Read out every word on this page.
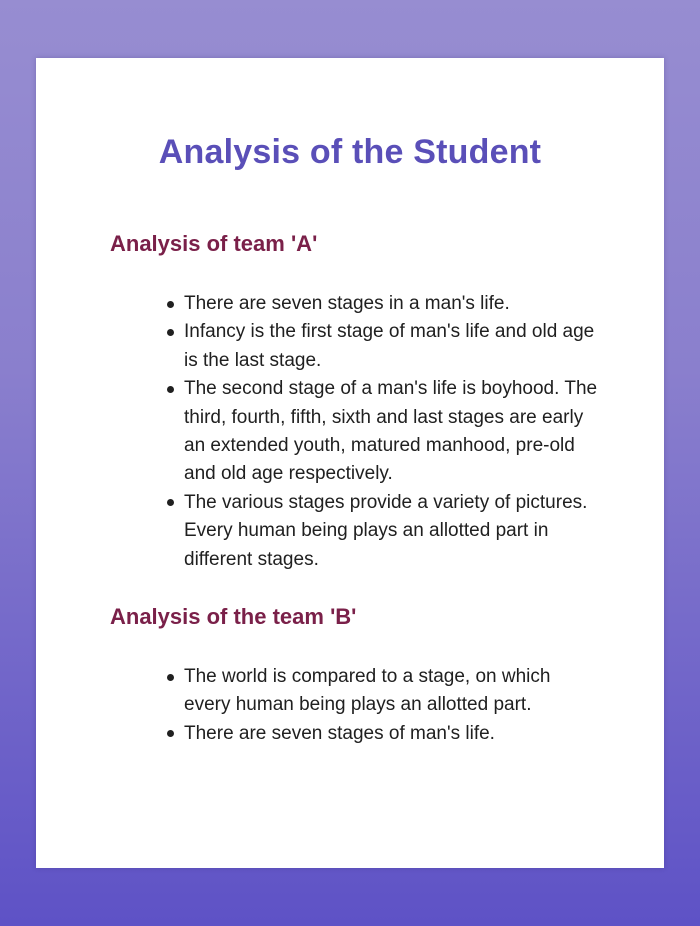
Analysis of the Student
Analysis of team 'A'
There are seven stages in a man's life.
Infancy is the first stage of man's life and old age is the last stage.
The second stage of a man's life is boyhood. The third, fourth, fifth, sixth and last stages are early an extended youth, matured manhood, pre-old and old age respectively.
The various stages provide a variety of pictures. Every human being plays an allotted part in different stages.
Analysis of the team 'B'
The world is compared to a stage, on which every human being plays an allotted part.
There are seven stages of man's life.
